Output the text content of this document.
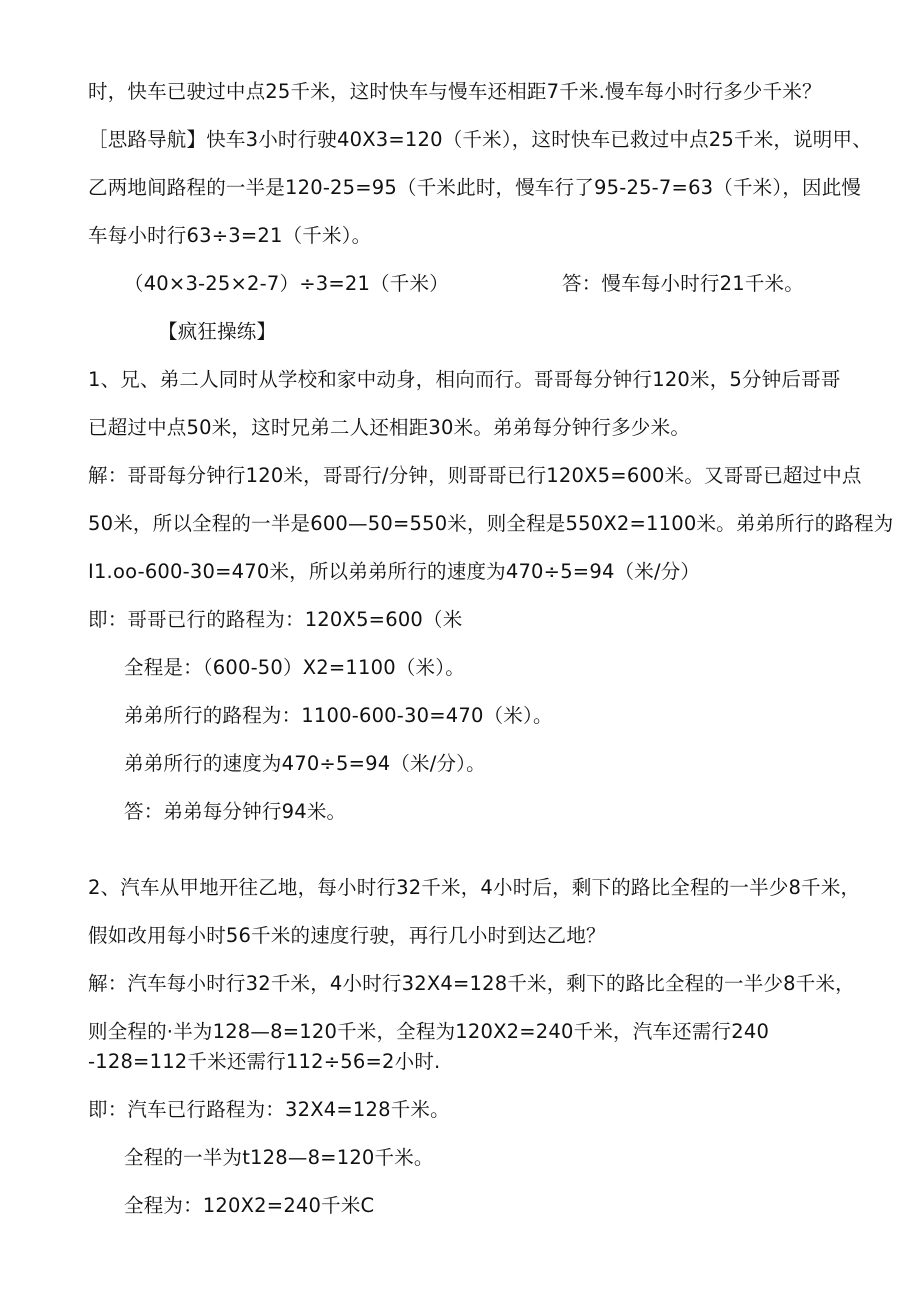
时，快车已驶过中点25千米，这时快车与慢车还相距7千米.慢车每小时行多少千米？
［思路导航】快车3小时行驶40X3=120（千米），这时快车已救过中点25千米，说明甲、
乙两地间路程的一半是120-25=95（千米此时，慢车行了95-25-7=63（千米），因此慢
车每小时行63÷3=21（千米）。
（40×3-25×2-7）÷3=21（千米）	答：慢车每小时行21千米。
【疯狂操练】
1、兄、弟二人同时从学校和家中动身，相向而行。哥哥每分钟行120米，5分钟后哥哥
已超过中点50米，这时兄弟二人还相距30米。弟弟每分钟行多少米。
解：哥哥每分钟行120米，哥哥行/分钟，则哥哥已行120X5=600米。又哥哥已超过中点
50米，所以全程的一半是600—50=550米，则全程是550X2=1100米。弟弟所行的路程为
I1.oo-600-30=470米，所以弟弟所行的速度为470÷5=94（米/分）
即：哥哥已行的路程为：120X5=600（米
全程是：（600-50）X2=1100（米）。
弟弟所行的路程为：1100-600-30=470（米）。
弟弟所行的速度为470÷5=94（米/分）。
答：弟弟每分钟行94米。
2、汽车从甲地开往乙地，每小时行32千米，4小时后，剩下的路比全程的一半少8千米，
假如改用每小时56千米的速度行驶，再行几小时到达乙地？
解：汽车每小时行32千米，4小时行32X4=128千米，剩下的路比全程的一半少8千米，
则全程的·半为128—8=120千米，全程为120X2=240千米，汽车还需行240
-128=112千米还需行112÷56=2小时.
即：汽车已行路程为：32X4=128千米。
全程的一半为t128—8=120千米。
全程为：120X2=240千米C
